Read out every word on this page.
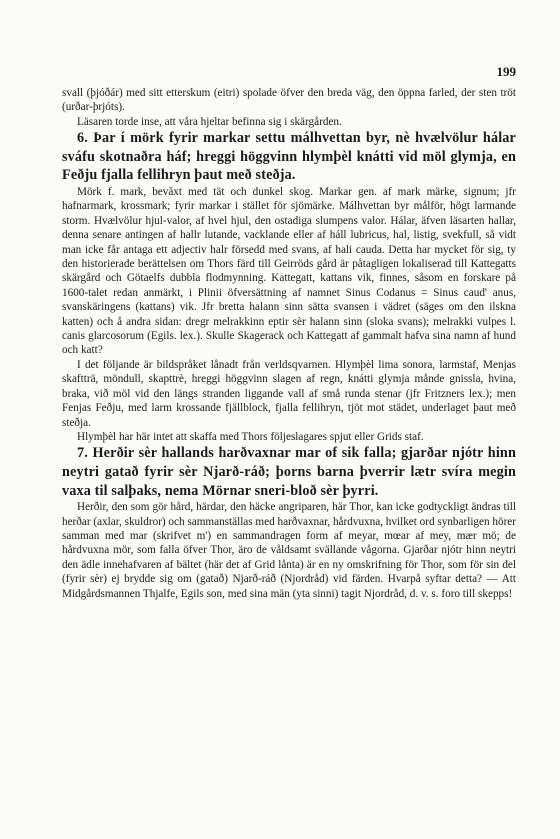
199

svall (þjóðár) med sitt etterskum (eitri) spolade öfver den breda väg, den öppna farled, der sten tröt (urðar-þrjóts).

Läsaren torde inse, att våra hjeltar befinna sig i skärgården.

6. Þar í mörk fyrir markar settu málhvettan byr, nè hvælvölur hálar sváfu skotnaðra háf; hreggi höggvinn hlymþèl knátti vid möl glymja, en Feðju fjalla fellihryn þaut með steðja.

Mörk f. mark, bevăxt med tät och dunkel skog. Markar gen. af mark märke, signum; jfr hafnarmark, krossmark; fyrir markar i stället för sjömärke. Málhvettan byr målför, högt larmande storm. Hvælvölur hjul-valor, af hvel hjul, den ostadiga slumpens valor. Hálar, äfven läsarten hallar, denna senare antingen af hallr lutande, vacklande eller af háll lubricus, hal, listig, svekfull, så vidt man icke får antaga ett adjectiv halr försedd med svans, af hali cauda. Detta har mycket för sig, ty den historierade berättelsen om Thors färd till Geirröds gård är påtagligen lokaliserad till Kattegatts skärgård och Götaelfs dubbla flodmynning. Kattegatt, kattans vik, finnes, såsom en forskare på 1600-talet redan anmärkt, i Plinii öfversättning af namnet Sinus Codanus = Sinus caud' anus, svanskäringens (kattans) vik. Jfr bretta halann sinn sätta svansen i vädret (säges om den ilskna katten) och å andra sidan: dregr melrakkinn eptir sèr halann sinn (sloka svans); melrakki vulpes l. canis glarcosorum (Egils. lex.). Skulle Skagerack och Kattegatt af gammalt hafva sina namn af hund och katt?

I det följande är bildspråket lånadt från verldsqvarnen. Hlymþèl lima sonora, larmstaf, Menjas skaftträ, möndull, skapttrè, hreggi höggvinn slagen af regn, knátti glymja månde gnissla, hvina, braka, við möl vid den längs stranden liggande vall af små runda stenar (jfr Fritzners lex.); men Fenjas Feðju, med larm krossande fjällblock, fjalla fellihryn, tjöt mot städet, underlaget þaut með steðja.

Hlymþèl har här intet att skaffa med Thors följeslagares spjut eller Grids staf.

7. Herðir sèr hallands harðvaxnar mar of sik falla; gjarðar njótr hinn neytri gatað fyrir sèr Njarð-ráð; þorns barna þverrir lætr svíra megin vaxa til salþaks, nema Mörnar sneri-bloð sèr þyrri.

Herðir, den som gör hård, härdar, den häcke angriparen, här Thor, kan icke godtyckligt ändras till herðar (axlar, skuldror) och sammanställas med harðvaxnar, hårdvuxna, hvilket ord synbarligen hörer samman med mar (skrifvet m') en sammandragen form af meyar, mœar af mey, mær mö; de hårdvuxna mör, som falla öfver Thor, äro de våldsamt svällande vågorna. Gjarðar njótr hinn neytri den ädle innehafvaren af bältet (här det af Grid lånta) är en ny omskrifning för Thor, som för sin del (fyrir sèr) ej brydde sig om (gatað) Njarð-ráð (Njordråd) vid färden. Hvarpå syftar detta? — Att Midgårdsmannen Thjalfe, Egils son, med sina män (yta sinni) tagit Njordråd, d. v. s. foro till skepps!
